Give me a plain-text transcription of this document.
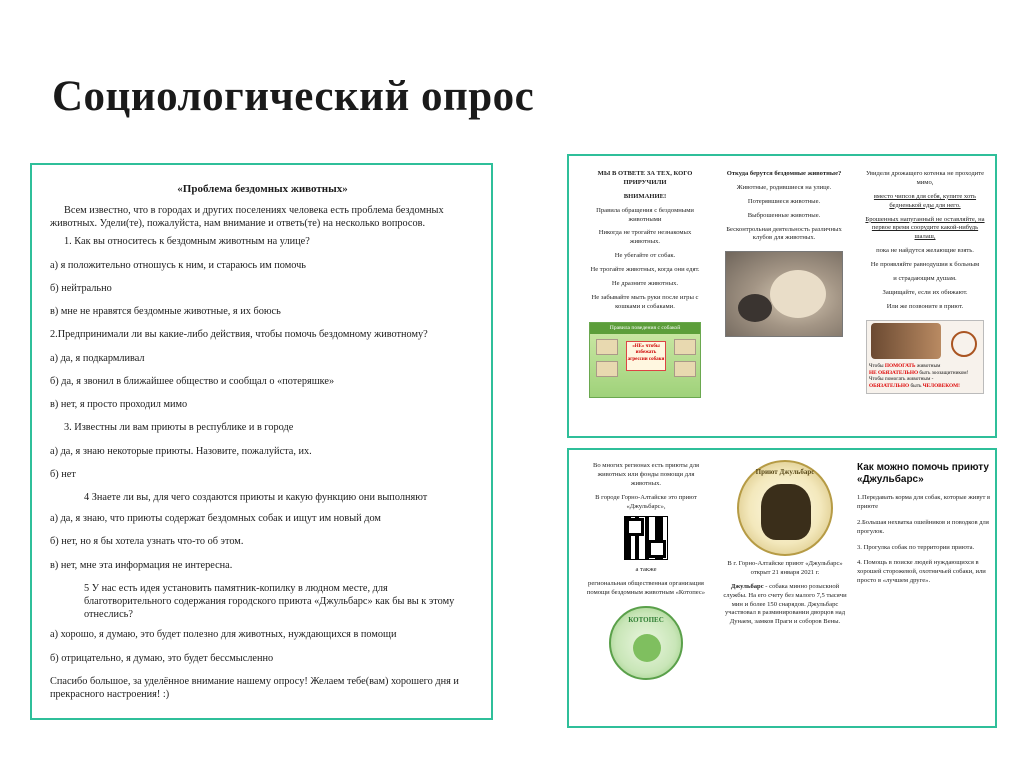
Социологический опрос
«Проблема бездомных животных»
Всем известно, что в городах и других поселениях человека есть проблема бездомных животных. Удели(те), пожалуйста, нам внимание и ответь(те) на несколько вопросов.
1. Как вы относитесь к бездомным животным на улице?
а) я положительно отношусь к ним, и стараюсь им помочь
б) нейтрально
в) мне не нравятся бездомные животные, я их боюсь
2.Предпринимали ли вы какие-либо действия, чтобы помочь бездомному животному?
а) да, я подкармливал
б) да, я звонил в ближайшее общество и сообщал о «потеряшке»
в) нет, я просто проходил мимо
3. Известны ли вам приюты в республике и в городе
а) да, я знаю некоторые приюты. Назовите, пожалуйста, их.
б) нет
4 Знаете ли вы, для чего создаются приюты и какую функцию они выполняют
а) да, я знаю, что приюты содержат бездомных собак и ищут им новый дом
б) нет, но я бы хотела узнать что-то об этом.
в) нет, мне эта информация не интересна.
5 У нас есть идея установить памятник-копилку в людном месте, для благотворительного содержания городского приюта «Джульбарс» как бы вы к этому отнеслись?
а) хорошо, я думаю, это будет полезно для животных, нуждающихся в помощи
б) отрицательно, я думаю, это будет бессмысленно
Спасибо большое, за уделённое внимание нашему опросу! Желаем тебе(вам) хорошего дня и прекрасного настроения! :)

МЫ В ОТВЕТЕ ЗА ТЕХ, КОГО ПРИРУЧИЛИ

ВНИМАНИЕ!

Правила обращения с бездомными животными

Никогда не трогайте незнакомых животных.

Не убегайте от собак.

Не трогайте животных, когда они едят.

Не дразните животных.

Не забывайте мыть руки после игры с кошками и собаками.

Правила поведения с собакой
«НЕ» чтобы избежать агрессии собаки

Откуда берутся бездомные животные?

Животные, родившиеся на улице.

Потерявшиеся животные.

Выброшенные животные.

Бесконтрольная деятельность различных клубов для животных.

Увидели дрожащего котенка не проходите мимо,

вместо чипсов для себя, купите хоть бедненькой еды для него.

Брошенных напуганный не оставляйте, на первое время соорудите какой-нибудь шалаш,

пока не найдутся желающие взять.

Не проявляйте равнодушия к больным

и страдающим душам.

Защищайте, если их обижают.

Или же позвоните в приют.

Чтобы ПОМОГАТЬ животным
НЕ ОБЯЗАТЕЛЬНО быть зоозащитником!
Чтобы помогать животным -
ОБЯЗАТЕЛЬНО быть ЧЕЛОВЕКОМ!

Во многих регионах есть приюты для животных или фонды помощи для животных.

В городе Горно-Алтайске это приют «Джульбарс»,

а также

региональная общественная организация помощи бездомным животным «Котопес»

КОТОПЕС
Приют Джульбарс

В г. Горно-Алтайске приют «Джульбарс» открыт 21 января 2021 г.

Джульбарс - собака минно розыскной службы. На его счету без малого 7,5 тысячи мин и более 150 снарядов. Джульбарс участвовал в разминировании дворцов над Дунаем, замков Праги и соборов Вены.

Как можно помочь приюту «Джульбарс»

1.Передавать корма для собак, которые живут в приюте

2.Большая нехватка ошейников и поводков для прогулок.

3. Прогулка собак по территории приюта.

4. Помощь в поиске людей нуждающихся в хорошей сторожевой, охотничьей собаки, или просто в «лучшем друге».
